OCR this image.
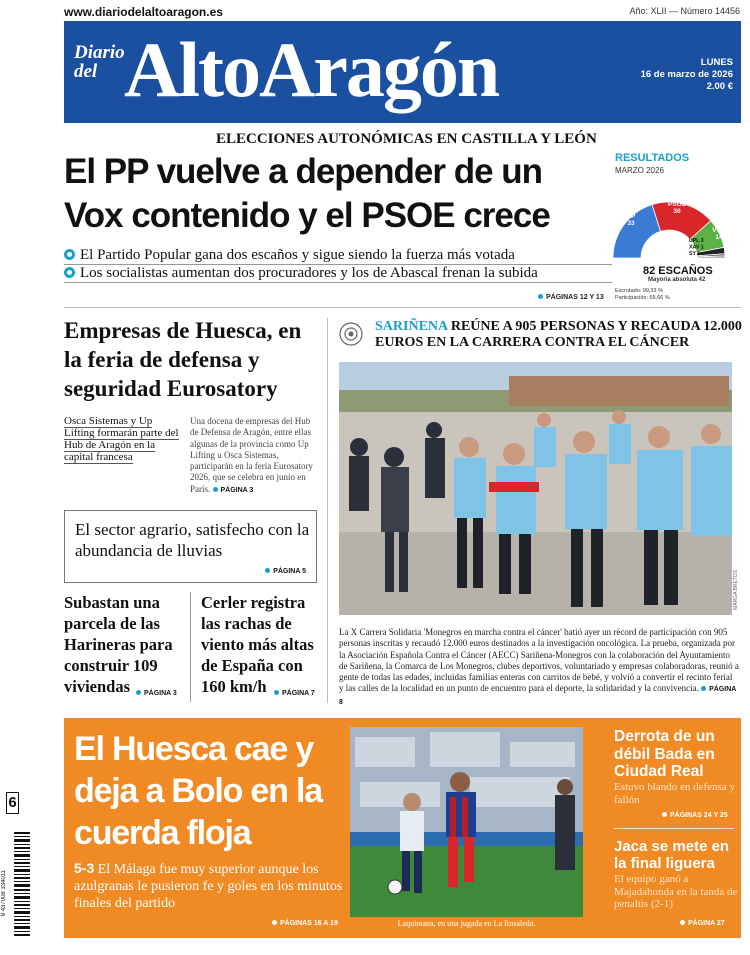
www.diariodelaltoaragon.es	Año: XLII — Número 14456
Diario
del AltoAragón	LUNES
16 de marzo de 2026
2.00 €
ELECCIONES AUTONÓMICAS EN CASTILLA Y LEÓN
El PP vuelve a depender de un Vox contenido y el PSOE crece
El Partido Popular gana dos escaños y sigue siendo la fuerza más votada
Los socialistas aumentan dos procuradores y los de Abascal frenan la subida
PÁGINAS 12 Y 13
RESULTADOS
MARZO 2026
PP 33
PSOE 30
VOX 14
UPL 3
XAV 1
SY 1
82 ESCAÑOS
Mayoría absoluta 42
Escrutado: 99,33 %
Participación: 65,66 %
Empresas de Huesca, en la feria de defensa y seguridad Eurosatory
Osca Sistemas y Up Lifting formarán parte del Hub de Aragón en la capital francesa
Una docena de empresas del Hub de Defensa de Aragón, entre ellas algunas de la provincia como Up Lifting u Osca Sistemas, participarán en la feria Eurosatory 2026, que se celebra en junio en París. PÁGINA 3
El sector agrario, satisfecho con la abundancia de lluvias
PÁGINA 5
Subastan una parcela de las Harineras para construir 109 viviendas	PÁGINA 3
Cerler registra las rachas de viento más altas de España con 160 km/h	PÁGINA 7
SARIÑENA REÚNE A 905 PERSONAS Y RECAUDA 12.000 EUROS EN LA CARRERA CONTRA EL CÁNCER
MARGA BRETOS
La X Carrera Solidaria 'Monegros en marcha contra el cáncer' batió ayer un récord de participación con 905 personas inscritas y recaudó 12.000 euros destinados a la investigación oncológica. La prueba, organizada por la Asociación Española Contra el Cáncer (AECC) Sariñena-Monegros con la colaboración del Ayuntamiento de Sariñena, la Comarca de Los Monegros, clubes deportivos, voluntariado y empresas colaboradoras, reunió a gente de todas las edades, incluidas familias enteras con carritos de bebé, y volvió a convertir el recinto ferial y las calles de la localidad en un punto de encuentro para el deporte, la solidaridad y la convivencia. PÁGINA 8
El Huesca cae y deja a Bolo en la cuerda floja
5-3 El Málaga fue muy superior aunque los azulgranas le pusieron fe y goles en los minutos finales del partido
PÁGINAS 16 A 19	Laquintana, en una jugada en La Rosaleda.
Derrota de un débil Bada en Ciudad Real
Estuvo blando en defensa y fallón
PÁGINAS 24 Y 25
Jaca se mete en la final liguera
El equipo ganó a Majadahonda en la tanda de penaltis (2-1)
PÁGINA 27
6
8 437008 334011
